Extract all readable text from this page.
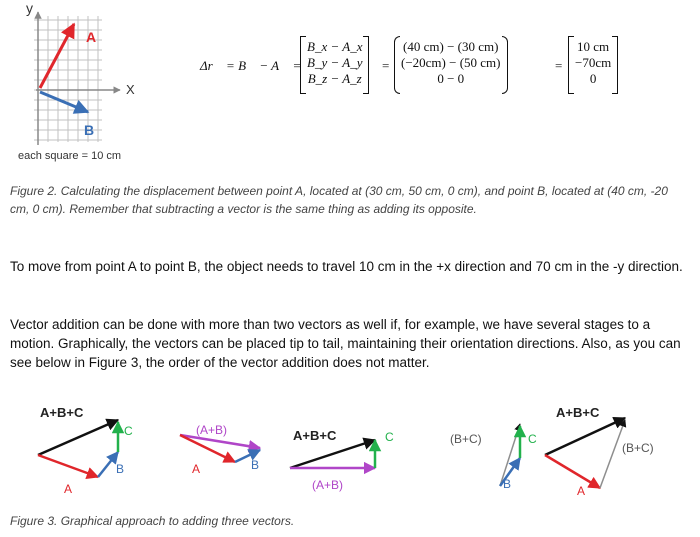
y
X
A
B
each square = 10 cm
Δr⃗ = B⃗ − A⃗ =
B_x − A_x
B_y − A_y
B_z − A_z
=
(40 cm) − (30 cm)
(−20cm) − (50 cm)
0 − 0
=
10 cm
−70cm
0
Figure 2. Calculating the displacement between point A, located at (30 cm, 50 cm, 0 cm), and point B, located at (40 cm, -20 cm, 0 cm). Remember that subtracting a vector is the same thing as adding its opposite.
To move from point A to point B, the object needs to travel 10 cm in the +x direction and 70 cm in the -y direction.
Vector addition can be done with more than two vectors as well if, for example, we have several stages to a motion. Graphically, the vectors can be placed tip to tail, maintaining their orientation directions. Also, as you can see below in Figure 3, the order of the vector addition does not matter.
A+B+C
C
B
A
(A+B)
A	B
A+B+C	C
(A+B)
(B+C)	C
B
A+B+C
(B+C)
A
Figure 3. Graphical approach to adding three vectors.
